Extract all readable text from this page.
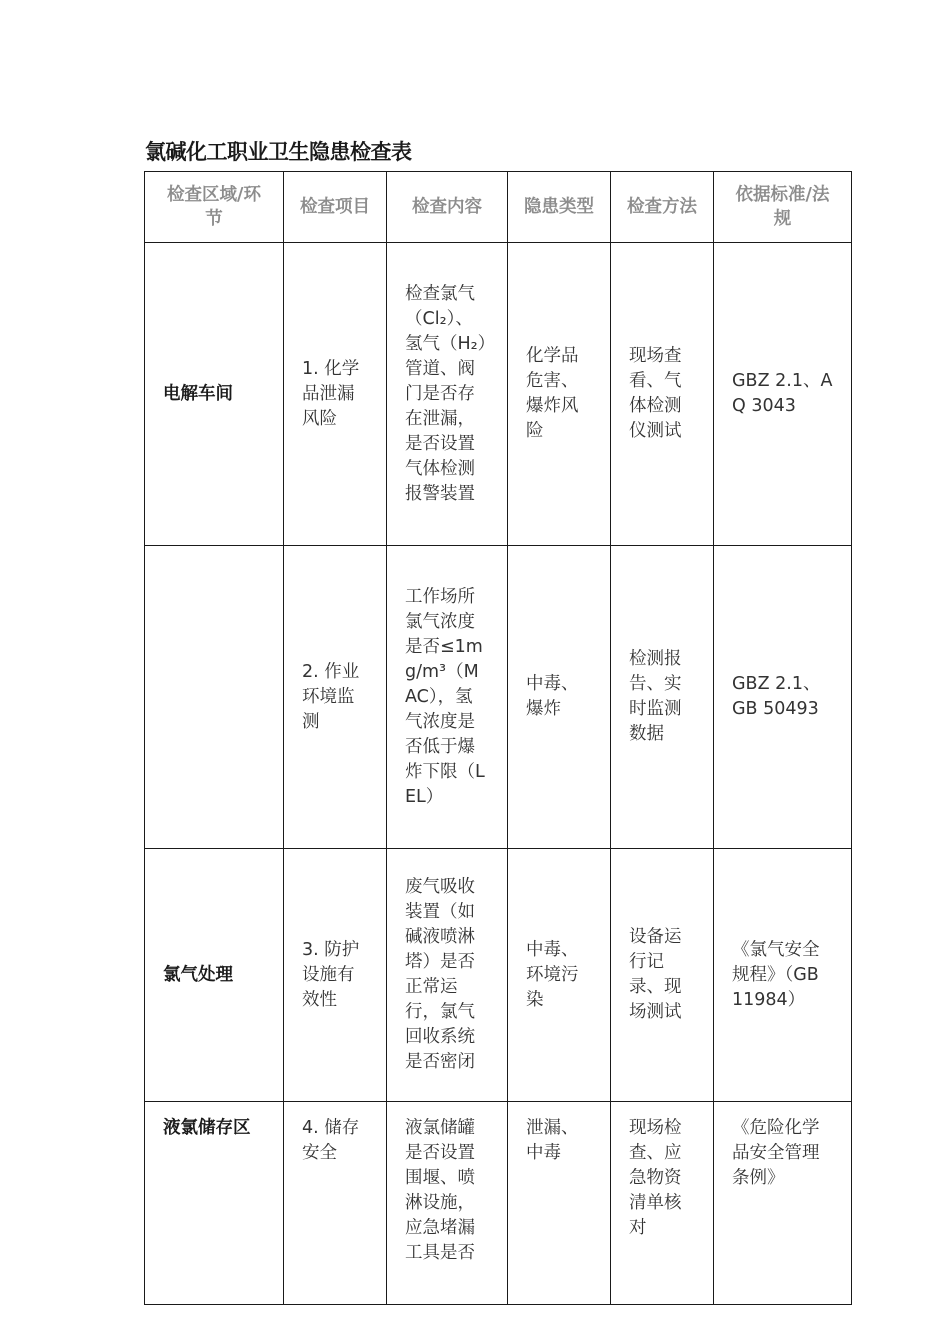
氯碱化工职业卫生隐患检查表
检查区域/环节	检查项目	检查内容	隐患类型	检查方法	依据标准/法规
电解车间	1. 化学品泄漏风险	检查氯气（Cl₂）、氢气（H₂）管道、阀门是否存在泄漏，是否设置气体检测报警装置	化学品危害、爆炸风险	现场查看、气体检测仪测试	GBZ 2.1、AQ 3043
	2. 作业环境监测	工作场所氯气浓度是否≤1mg/m³（MAC），氢气浓度是否低于爆炸下限（LEL）	中毒、爆炸	检测报告、实时监测数据	GBZ 2.1、GB 50493
氯气处理	3. 防护设施有效性	废气吸收装置（如碱液喷淋塔）是否正常运行，氯气回收系统是否密闭	中毒、环境污染	设备运行记录、现场测试	《氯气安全规程》（GB 11984）
液氯储存区	4. 储存安全	液氯储罐是否设置围堰、喷淋设施，应急堵漏工具是否	泄漏、中毒	现场检查、应急物资清单核对	《危险化学品安全管理条例》
